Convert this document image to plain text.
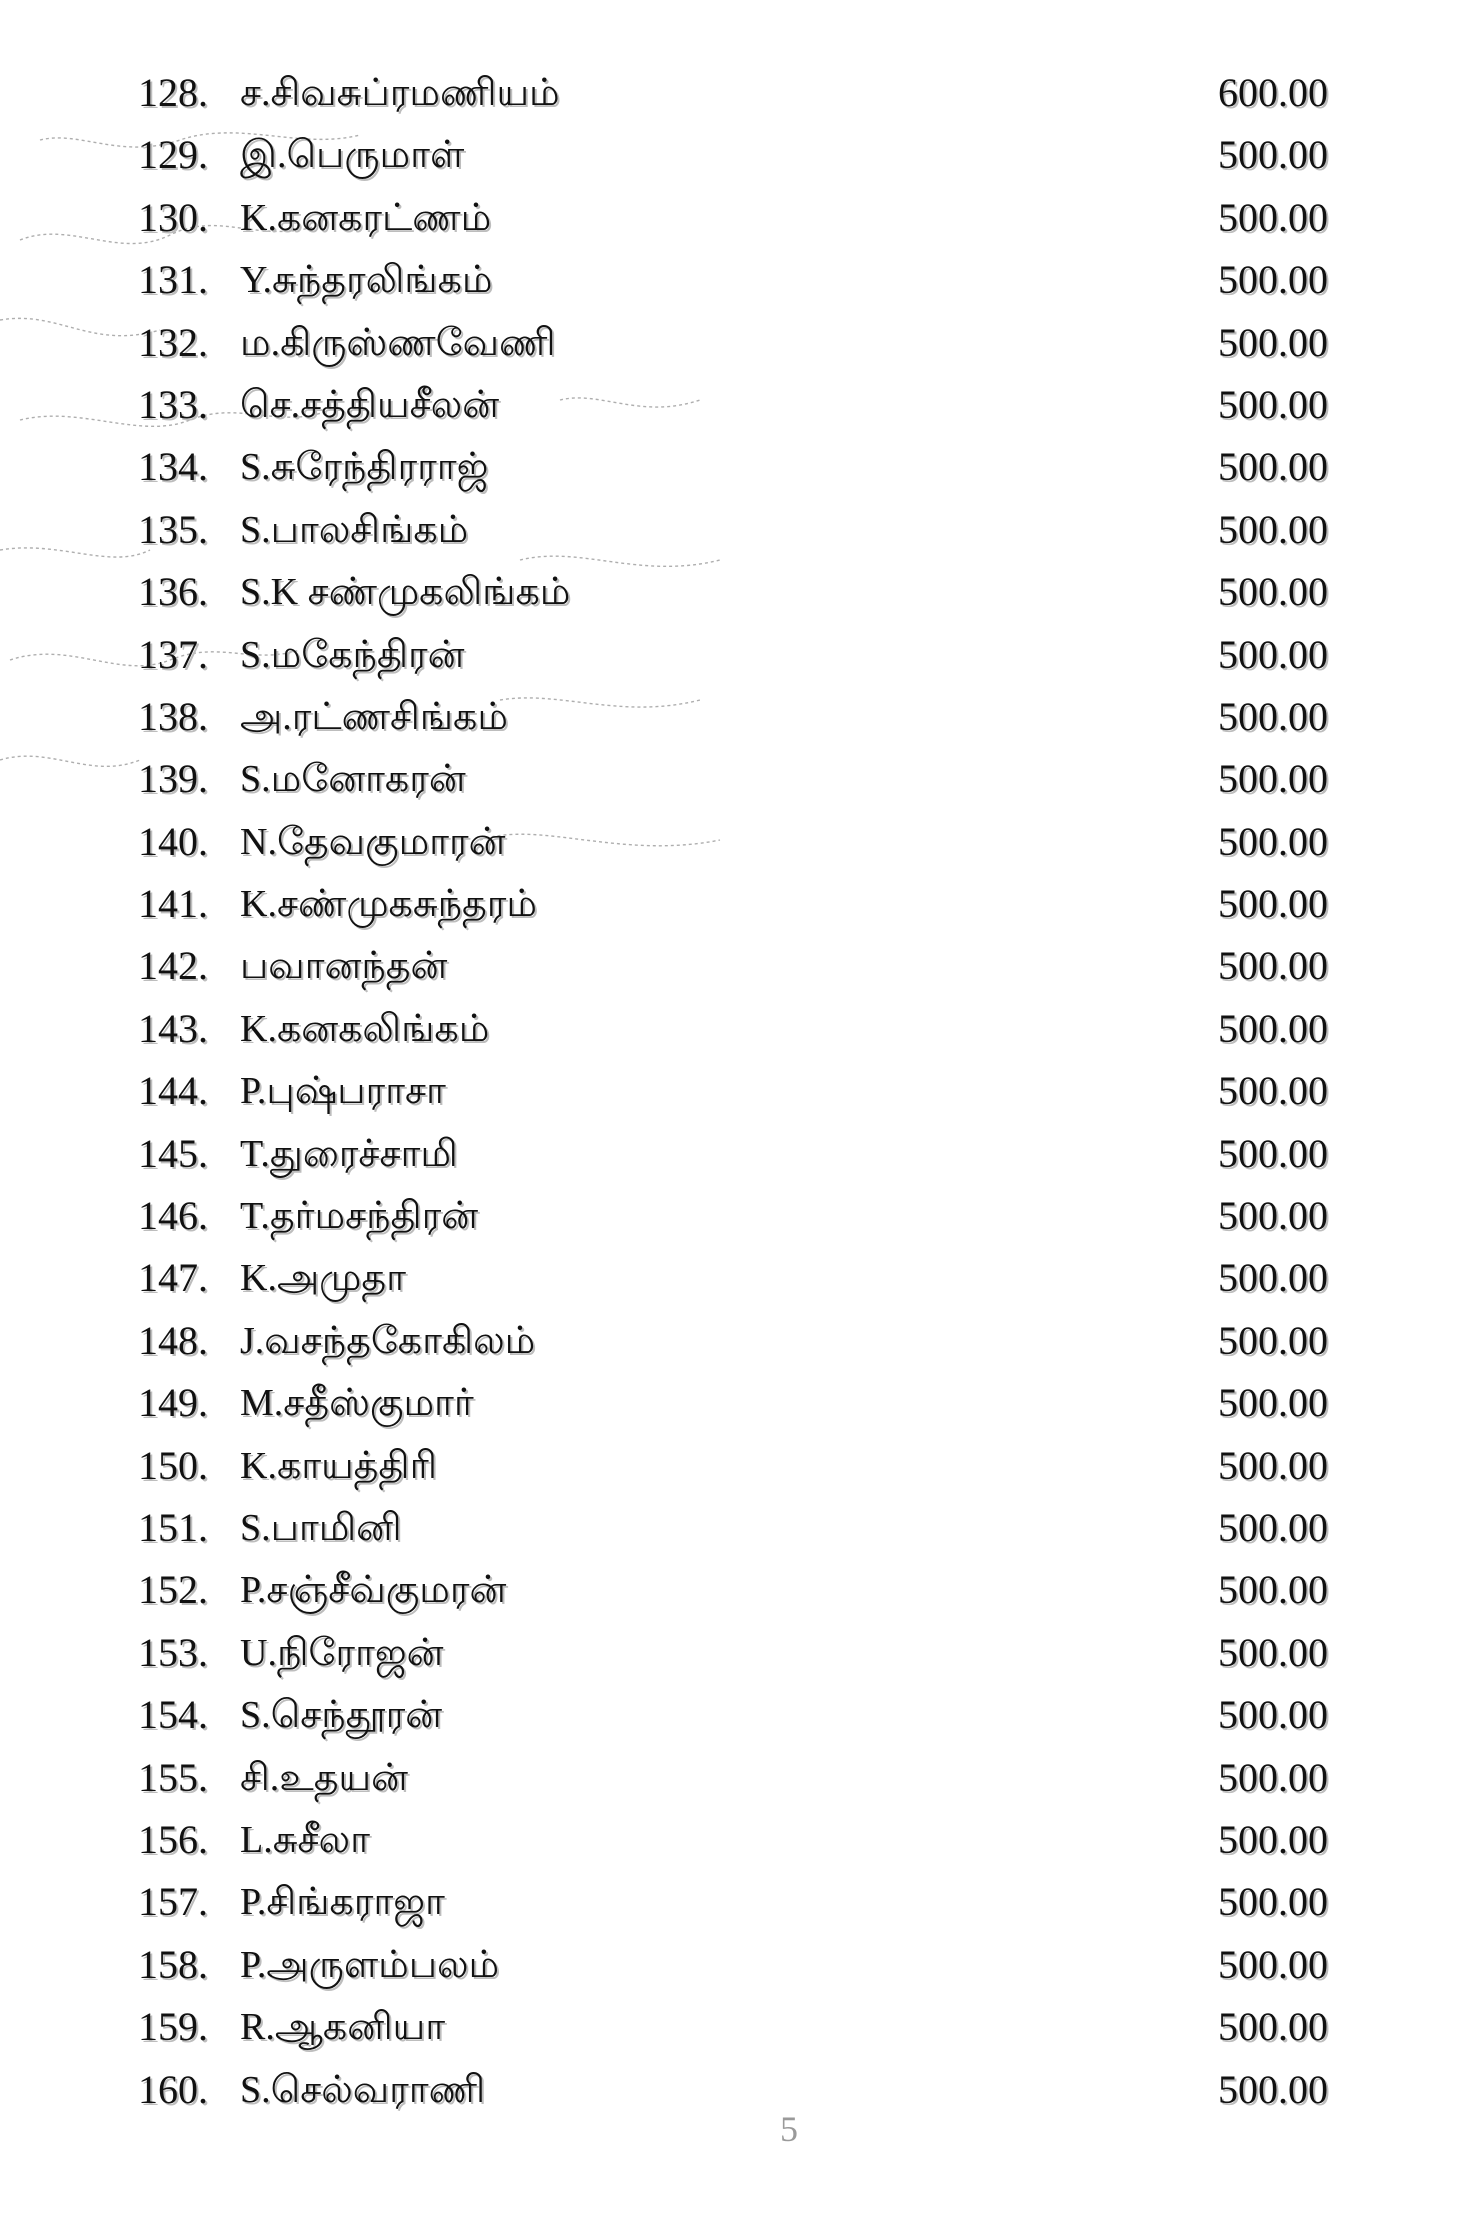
128. ச.சிவசுப்ரமணியம்	600.00
129. இ.பெருமாள்	500.00
130. K.கனகரட்ணம்	500.00
131. Y.சுந்தரலிங்கம்	500.00
132. ம.கிருஸ்ணவேணி	500.00
133. செ.சத்தியசீலன்	500.00
134. S.சுரேந்திரராஜ்	500.00
135. S.பாலசிங்கம்	500.00
136. S.K சண்முகலிங்கம்	500.00
137. S.மகேந்திரன்	500.00
138. அ.ரட்ணசிங்கம்	500.00
139. S.மனோகரன்	500.00
140. N.தேவகுமாரன்	500.00
141. K.சண்முகசுந்தரம்	500.00
142. பவானந்தன்	500.00
143. K.கனகலிங்கம்	500.00
144. P.புஷ்பராசா	500.00
145. T.துரைச்சாமி	500.00
146. T.தர்மசந்திரன்	500.00
147. K.அமுதா	500.00
148. J.வசந்தகோகிலம்	500.00
149. M.சதீஸ்குமார்	500.00
150. K.காயத்திரி	500.00
151. S.பாமினி	500.00
152. P.சஞ்சீவ்குமரன்	500.00
153. U.நிரோஜன்	500.00
154. S.செந்தூரன்	500.00
155. சி.உதயன்	500.00
156. L.சுசீலா	500.00
157. P.சிங்கராஜா	500.00
158. P.அருளம்பலம்	500.00
159. R.ஆகனியா	500.00
160. S.செல்வராணி	500.00
5
